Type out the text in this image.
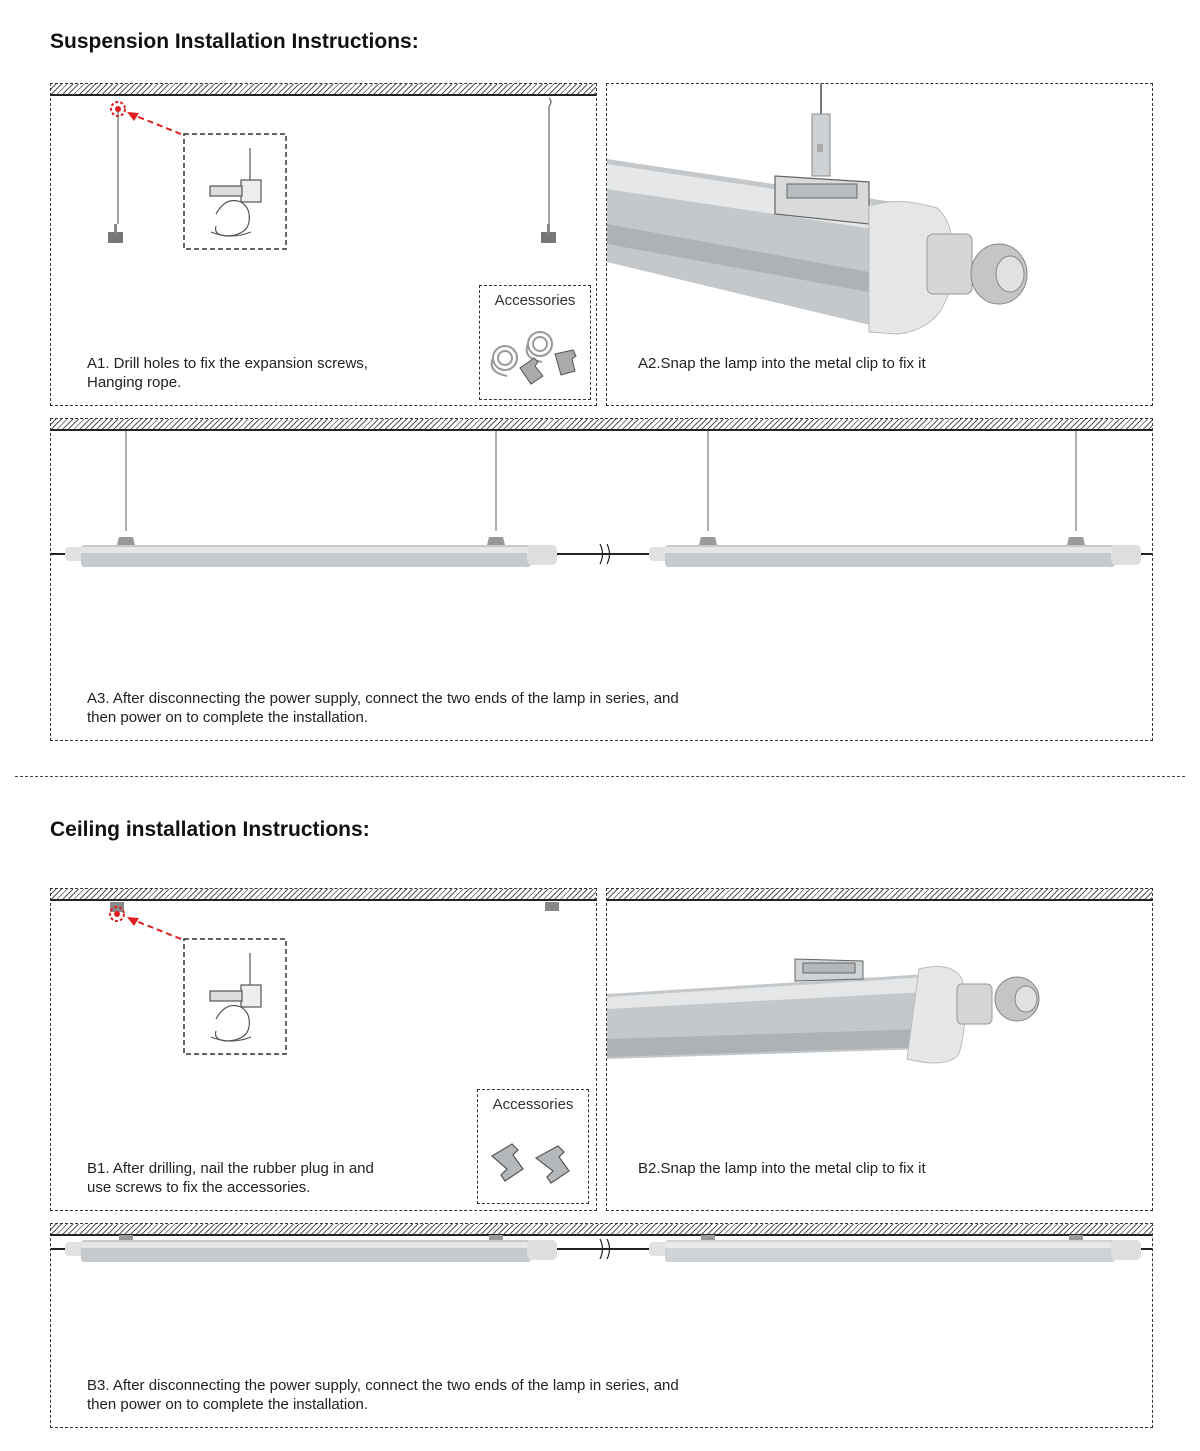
Suspension Installation Instructions:

A1. Drill holes to fix the expansion screws,

Hanging rope.

Accessories

A2.Snap the lamp into the metal clip to fix it

A3. After disconnecting the power supply, connect the two ends of the lamp in series, and

then power on to complete the installation.

Ceiling installation Instructions:

B1. After drilling, nail the rubber plug in and

use screws to fix the accessories.

Accessories

B2.Snap the lamp into the metal clip to fix it

B3. After disconnecting the power supply, connect the two ends of the lamp in series, and

then power on to complete the installation.
